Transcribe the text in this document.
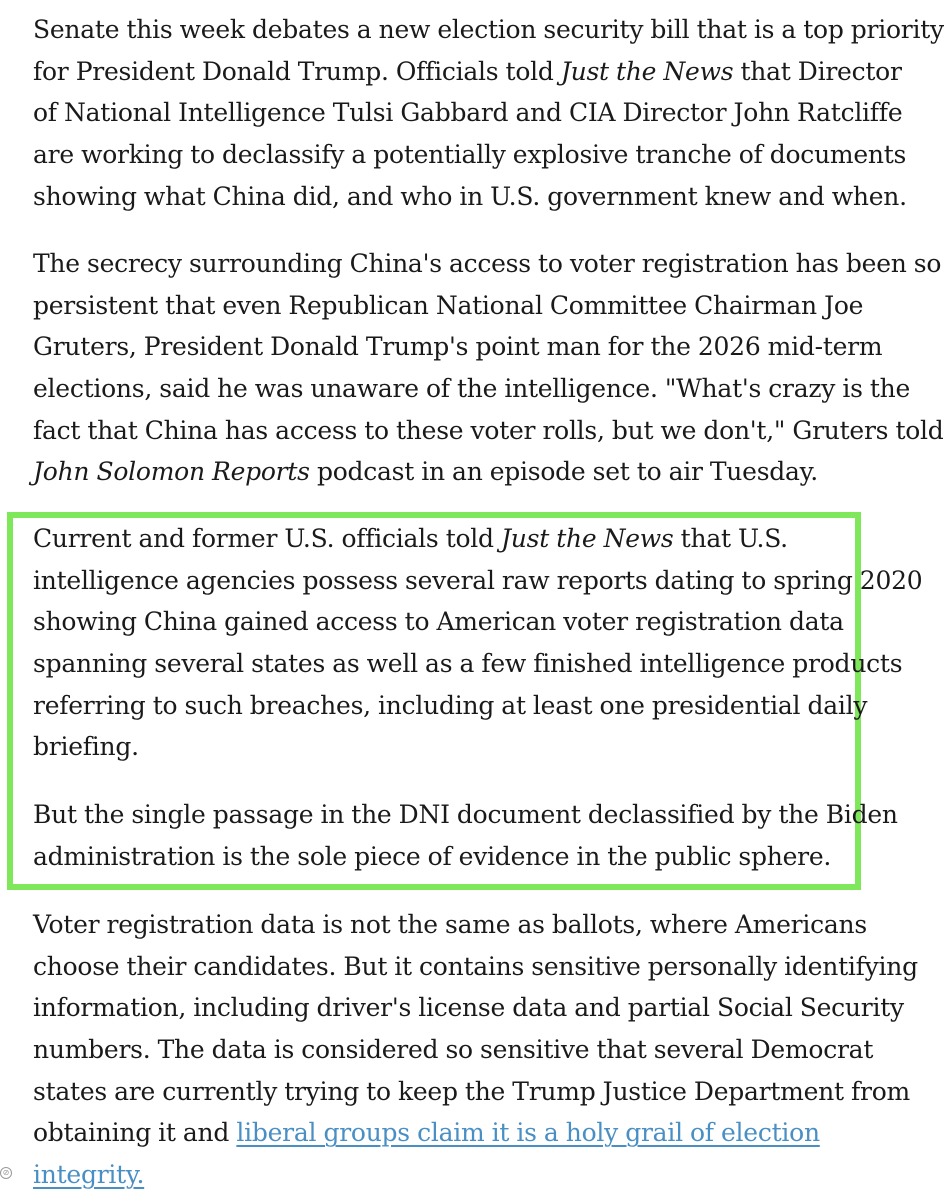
Senate this week debates a new election security bill that is a top priority
for President Donald Trump. Officials told Just the News that Director
of National Intelligence Tulsi Gabbard and CIA Director John Ratcliffe
are working to declassify a potentially explosive tranche of documents
showing what China did, and who in U.S. government knew and when.

The secrecy surrounding China's access to voter registration has been so
persistent that even Republican National Committee Chairman Joe
Gruters, President Donald Trump's point man for the 2026 mid-term
elections, said he was unaware of the intelligence. "What's crazy is the
fact that China has access to these voter rolls, but we don't," Gruters told
John Solomon Reports podcast in an episode set to air Tuesday.

Current and former U.S. officials told Just the News that U.S.
intelligence agencies possess several raw reports dating to spring 2020
showing China gained access to American voter registration data
spanning several states as well as a few finished intelligence products
referring to such breaches, including at least one presidential daily
briefing.

But the single passage in the DNI document declassified by the Biden
administration is the sole piece of evidence in the public sphere.

Voter registration data is not the same as ballots, where Americans
choose their candidates. But it contains sensitive personally identifying
information, including driver's license data and partial Social Security
numbers. The data is considered so sensitive that several Democrat
states are currently trying to keep the Trump Justice Department from
obtaining it and liberal groups claim it is a holy grail of election
integrity.

⊘
